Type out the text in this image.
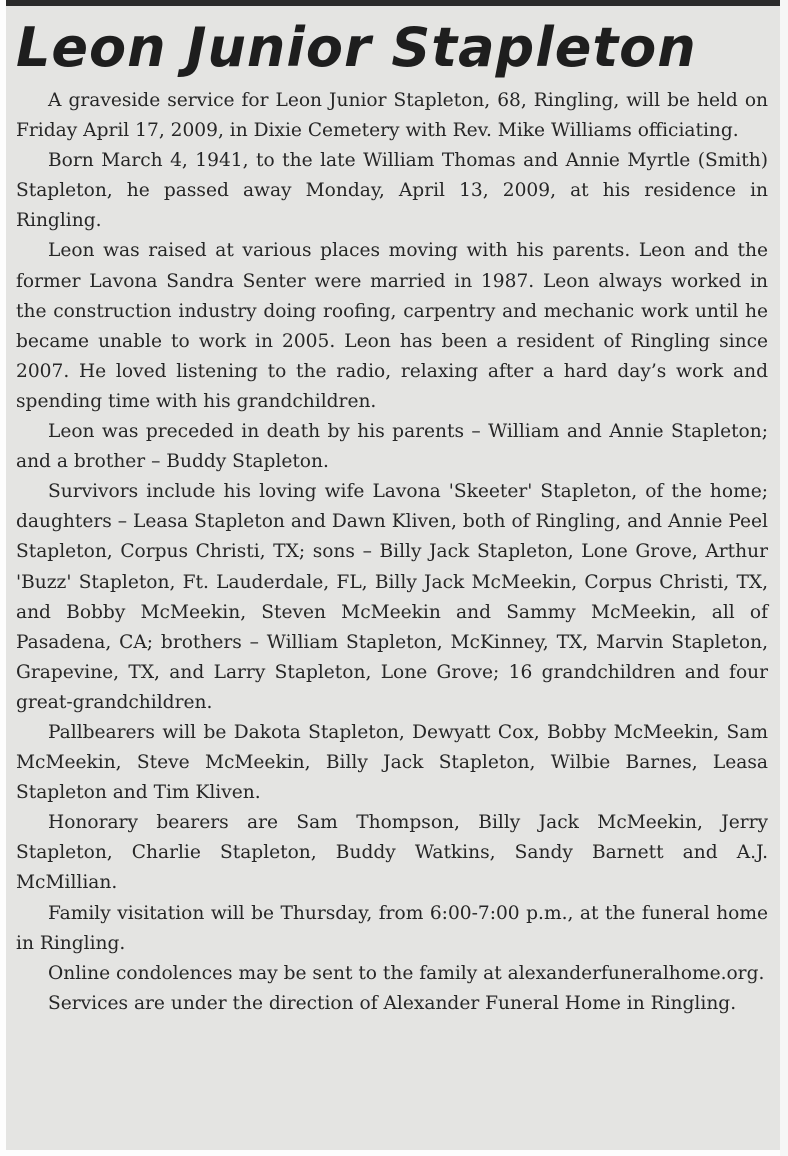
Leon Junior Stapleton

A graveside service for Leon Junior Stapleton, 68, Ringling, will be held on Friday April 17, 2009, in Dixie Cemetery with Rev. Mike Williams officiating.

Born March 4, 1941, to the late William Thomas and Annie Myrtle (Smith) Stapleton, he passed away Monday, April 13, 2009, at his residence in Ringling.

Leon was raised at various places moving with his parents. Leon and the former Lavona Sandra Senter were married in 1987. Leon always worked in the construction industry doing roofing, carpentry and mechanic work until he became unable to work in 2005. Leon has been a resident of Ringling since 2007. He loved listening to the radio, relaxing after a hard day’s work and spending time with his grandchildren.

Leon was preceded in death by his parents – William and Annie Stapleton; and a brother – Buddy Stapleton.

Survivors include his loving wife Lavona 'Skeeter' Stapleton, of the home; daughters – Leasa Stapleton and Dawn Kliven, both of Ringling, and Annie Peel Stapleton, Corpus Christi, TX; sons – Billy Jack Stapleton, Lone Grove, Arthur 'Buzz' Stapleton, Ft. Lauderdale, FL, Billy Jack McMeekin, Corpus Christi, TX, and Bobby McMeekin, Steven McMeekin and Sammy McMeekin, all of Pasadena, CA; brothers – William Stapleton, McKinney, TX, Marvin Stapleton, Grapevine, TX, and Larry Stapleton, Lone Grove; 16 grandchildren and four great-grandchildren.

Pallbearers will be Dakota Stapleton, Dewyatt Cox, Bobby McMeekin, Sam McMeekin, Steve McMeekin, Billy Jack Stapleton, Wilbie Barnes, Leasa Stapleton and Tim Kliven.

Honorary bearers are Sam Thompson, Billy Jack McMeekin, Jerry Stapleton, Charlie Stapleton, Buddy Watkins, Sandy Barnett and A.J. McMillian.

Family visitation will be Thursday, from 6:00-7:00 p.m., at the funeral home in Ringling.

Online condolences may be sent to the family at alexanderfuneralhome.org.

Services are under the direction of Alexander Funeral Home in Ringling.
